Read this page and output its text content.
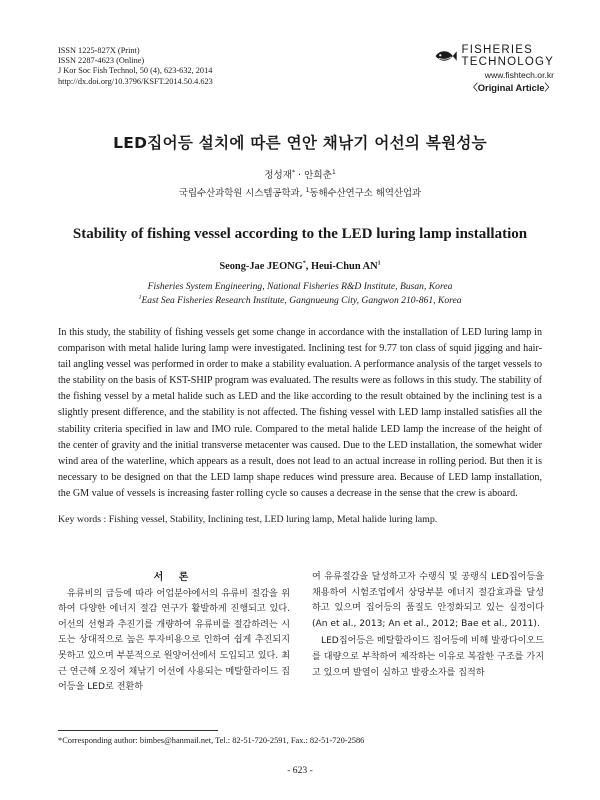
ISSN 1225-827X (Print)
ISSN 2287-4623 (Online)
J Kor Soc Fish Technol, 50 (4), 623-632, 2014
http://dx.doi.org/10.3796/KSFT.2014.50.4.623
FISHERIES
TECHNOLOGY
www.fishtech.or.kr
〈Original Article〉
LED집어등 설치에 따른 연안 채낚기 어선의 복원성능
정성재* · 안희춘$^1$
국립수산과학원 시스템공학과, $^1$동해수산연구소 해역산업과
Stability of fishing vessel according to the LED luring lamp installation
Seong-Jae JEONG*, Heui-Chun $AN^1$
Fisheries System Engineering, National Fisheries R&D Institute, Busan, Korea
$^1$East Sea Fisheries Research Institute, Gangnueung City, Gangwon 210-861, Korea
In this study, the stability of fishing vessels get some change in accordance with the installation of LED luring lamp in comparison with metal halide luring lamp were investigated. Inclining test for 9.77 ton class of squid jigging and hair-tail angling vessel was performed in order to make a stability evaluation. A performance analysis of the target vessels to the stability on the basis of KST-SHIP program was evaluated. The results were as follows in this study. The stability of the fishing vessel by a metal halide such as LED and the like according to the result obtained by the inclining test is a slightly present difference, and the stability is not affected. The fishing vessel with LED lamp installed satisfies all the stability criteria specified in law and IMO rule. Compared to the metal halide LED lamp the increase of the height of the center of gravity and the initial transverse metacenter was caused. Due to the LED installation, the somewhat wider wind area of the waterline, which appears as a result, does not lead to an actual increase in rolling period. But then it is necessary to be designed on that the LED lamp shape reduces wind pressure area. Because of LED lamp installation, the GM value of vessels is increasing faster rolling cycle so causes a decrease in the sense that the crew is aboard.
Key words : Fishing vessel, Stability, Inclining test, LED luring lamp, Metal halide luring lamp.
서 론

유류비의 급등에 따라 어업분야에서의 유류비 절감을 위하여 다양한 에너지 절감 연구가 활발하게 진행되고 있다. 어선의 선형과 추진기를 개량하여 유류비를 절감하려는 시도는 상대적으로 높은 투자비용으로 인하여 쉽게 추진되지 못하고 있으며 부분적으로 원양어선에서 도입되고 있다. 최근 연근해 오징어 채낚기 어선에 사용되는 메탈할라이드 집어등을 LED로 전환하

여 유류절감을 달성하고자 수랭식 및 공랭식 LED집어등을 채용하여 시험조업에서 상당부분 에너지 절감효과를 달성하고 있으며 집어등의 품질도 안정화되고 있는 실정이다 (An et al., 2013; An et al., 2012; Bae et al., 2011).

LED집어등은 메탈할라이드 집어등에 비해 발광다이오드를 대량으로 부착하여 제작하는 이유로 복잡한 구조를 가지고 있으며 발열이 심하고 발광소자를 집적하

*Corresponding author: bimbes@hanmail.net, Tel.: 82-51-720-2591, Fax.: 82-51-720-2586
- 623 -
